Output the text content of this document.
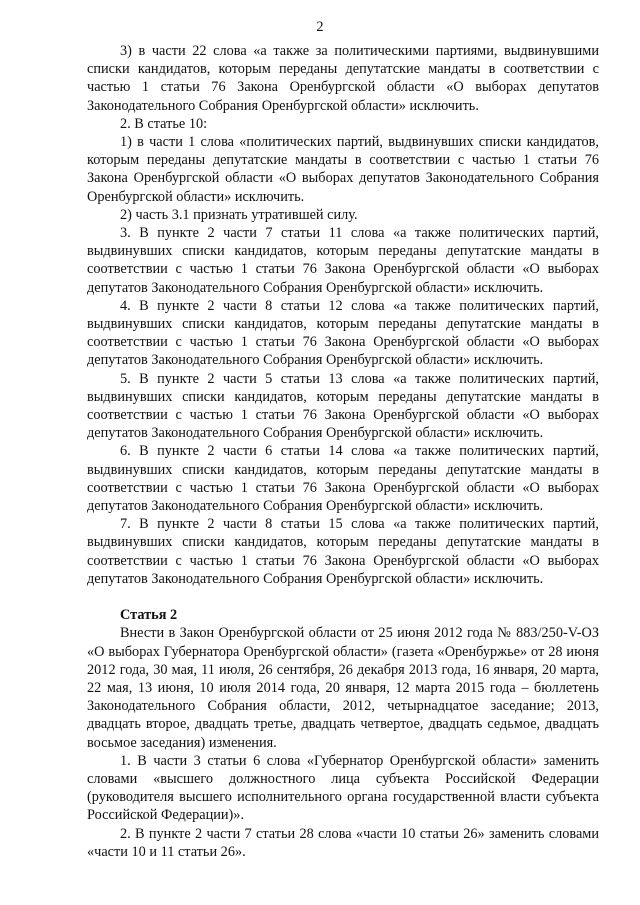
2

3) в части 22 слова «а также за политическими партиями, выдвинувшими списки кандидатов, которым переданы депутатские мандаты в соответствии с частью 1 статьи 76 Закона Оренбургской области «О выборах депутатов Законодательного Собрания Оренбургской области» исключить.

2. В статье 10:

1) в части 1 слова «политических партий, выдвинувших списки кандидатов, которым переданы депутатские мандаты в соответствии с частью 1 статьи 76 Закона Оренбургской области «О выборах депутатов Законодательного Собрания Оренбургской области» исключить.

2) часть 3.1 признать утратившей силу.

3. В пункте 2 части 7 статьи 11 слова «а также политических партий, выдвинувших списки кандидатов, которым переданы депутатские мандаты в соответствии с частью 1 статьи 76 Закона Оренбургской области «О выборах депутатов Законодательного Собрания Оренбургской области» исключить.

4. В пункте 2 части 8 статьи 12 слова «а также политических партий, выдвинувших списки кандидатов, которым переданы депутатские мандаты в соответствии с частью 1 статьи 76 Закона Оренбургской области «О выборах депутатов Законодательного Собрания Оренбургской области» исключить.

5. В пункте 2 части 5 статьи 13 слова «а также политических партий, выдвинувших списки кандидатов, которым переданы депутатские мандаты в соответствии с частью 1 статьи 76 Закона Оренбургской области «О выборах депутатов Законодательного Собрания Оренбургской области» исключить.

6. В пункте 2 части 6 статьи 14 слова «а также политических партий, выдвинувших списки кандидатов, которым переданы депутатские мандаты в соответствии с частью 1 статьи 76 Закона Оренбургской области «О выборах депутатов Законодательного Собрания Оренбургской области» исключить.

7. В пункте 2 части 8 статьи 15 слова «а также политических партий, выдвинувших списки кандидатов, которым переданы депутатские мандаты в соответствии с частью 1 статьи 76 Закона Оренбургской области «О выборах депутатов Законодательного Собрания Оренбургской области» исключить.

Статья 2

Внести в Закон Оренбургской области от 25 июня 2012 года № 883/250-V-ОЗ «О выборах Губернатора Оренбургской области» (газета «Оренбуржье» от 28 июня 2012 года, 30 мая, 11 июля, 26 сентября, 26 декабря 2013 года, 16 января, 20 марта, 22 мая, 13 июня, 10 июля 2014 года, 20 января, 12 марта 2015 года – бюллетень Законодательного Собрания области, 2012, четырнадцатое заседание; 2013, двадцать второе, двадцать третье, двадцать четвертое, двадцать седьмое, двадцать восьмое заседания) изменения.

1. В части 3 статьи 6 слова «Губернатор Оренбургской области» заменить словами «высшего должностного лица субъекта Российской Федерации (руководителя высшего исполнительного органа государственной власти субъекта Российской Федерации)».

2. В пункте 2 части 7 статьи 28 слова «части 10 статьи 26» заменить словами «части 10 и 11 статьи 26».
